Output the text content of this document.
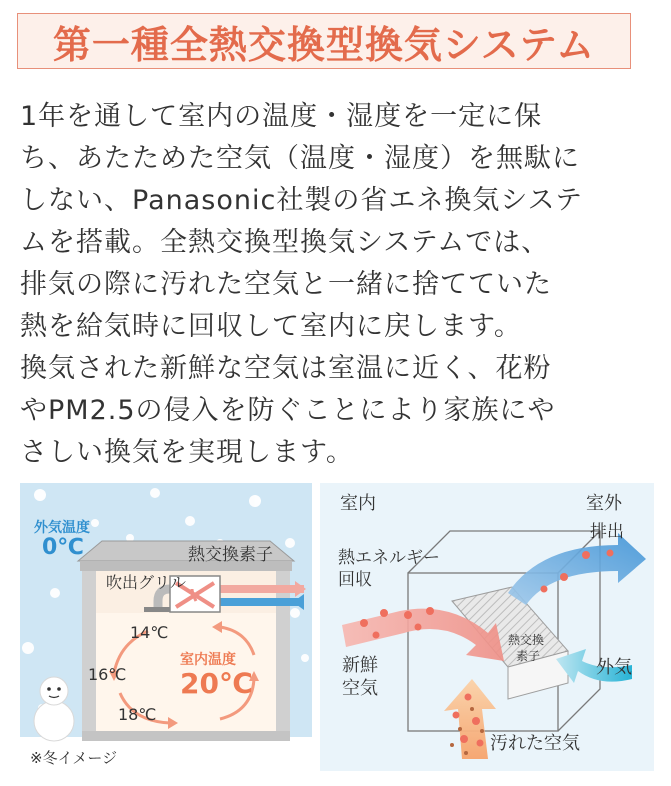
第一種全熱交換型換気システム
1年を通して室内の温度・湿度を一定に保
ち、あたためた空気（温度・湿度）を無駄に
しない、Panasonic社製の省エネ換気システ
ムを搭載。全熱交換型換気システムでは、
排気の際に汚れた空気と一緒に捨てていた
熱を給気時に回収して室内に戻します。
換気された新鮮な空気は室温に近く、花粉
やPM2.5の侵入を防ぐことにより家族にや
さしい換気を実現します。
外気温度
0℃	熱交換素子
吹出グリル
14℃
16℃
18℃
室内温度
20℃
※冬イメージ
室内	室外
熱エネルギー
回収
排出
新鮮
空気
外気
熱交換
素子
汚れた空気
